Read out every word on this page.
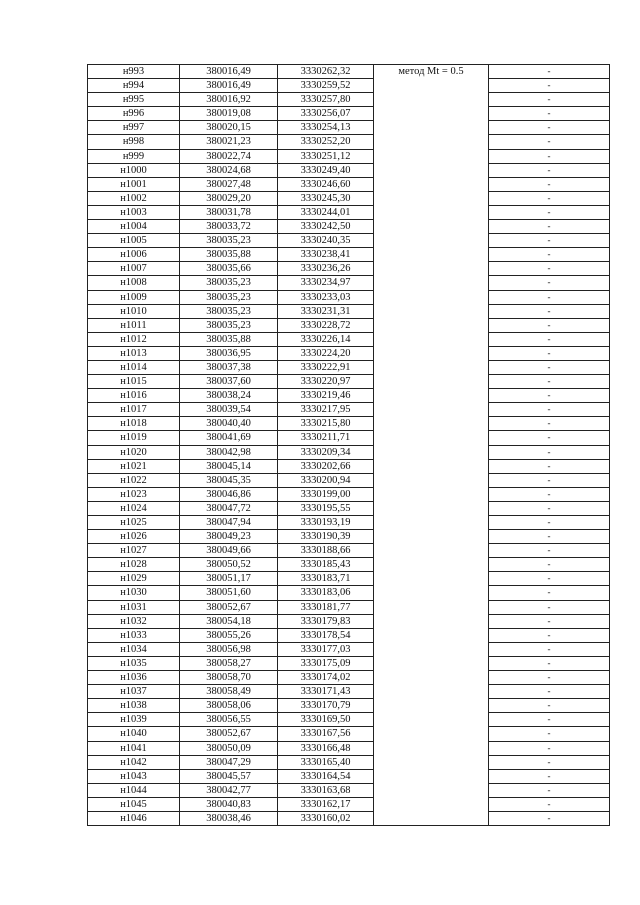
н993	380016,49	3330262,32	метод Mt = 0.5	-
н994	380016,49	3330259,52		-
н995	380016,92	3330257,80		-
н996	380019,08	3330256,07		-
н997	380020,15	3330254,13		-
н998	380021,23	3330252,20		-
н999	380022,74	3330251,12		-
н1000	380024,68	3330249,40		-
н1001	380027,48	3330246,60		-
н1002	380029,20	3330245,30		-
н1003	380031,78	3330244,01		-
н1004	380033,72	3330242,50		-
н1005	380035,23	3330240,35		-
н1006	380035,88	3330238,41		-
н1007	380035,66	3330236,26		-
н1008	380035,23	3330234,97		-
н1009	380035,23	3330233,03		-
н1010	380035,23	3330231,31		-
н1011	380035,23	3330228,72		-
н1012	380035,88	3330226,14		-
н1013	380036,95	3330224,20		-
н1014	380037,38	3330222,91		-
н1015	380037,60	3330220,97		-
н1016	380038,24	3330219,46		-
н1017	380039,54	3330217,95		-
н1018	380040,40	3330215,80		-
н1019	380041,69	3330211,71		-
н1020	380042,98	3330209,34		-
н1021	380045,14	3330202,66		-
н1022	380045,35	3330200,94		-
н1023	380046,86	3330199,00		-
н1024	380047,72	3330195,55		-
н1025	380047,94	3330193,19		-
н1026	380049,23	3330190,39		-
н1027	380049,66	3330188,66		-
н1028	380050,52	3330185,43		-
н1029	380051,17	3330183,71		-
н1030	380051,60	3330183,06		-
н1031	380052,67	3330181,77		-
н1032	380054,18	3330179,83		-
н1033	380055,26	3330178,54		-
н1034	380056,98	3330177,03		-
н1035	380058,27	3330175,09		-
н1036	380058,70	3330174,02		-
н1037	380058,49	3330171,43		-
н1038	380058,06	3330170,79		-
н1039	380056,55	3330169,50		-
н1040	380052,67	3330167,56		-
н1041	380050,09	3330166,48		-
н1042	380047,29	3330165,40		-
н1043	380045,57	3330164,54		-
н1044	380042,77	3330163,68		-
н1045	380040,83	3330162,17		-
н1046	380038,46	3330160,02		-
